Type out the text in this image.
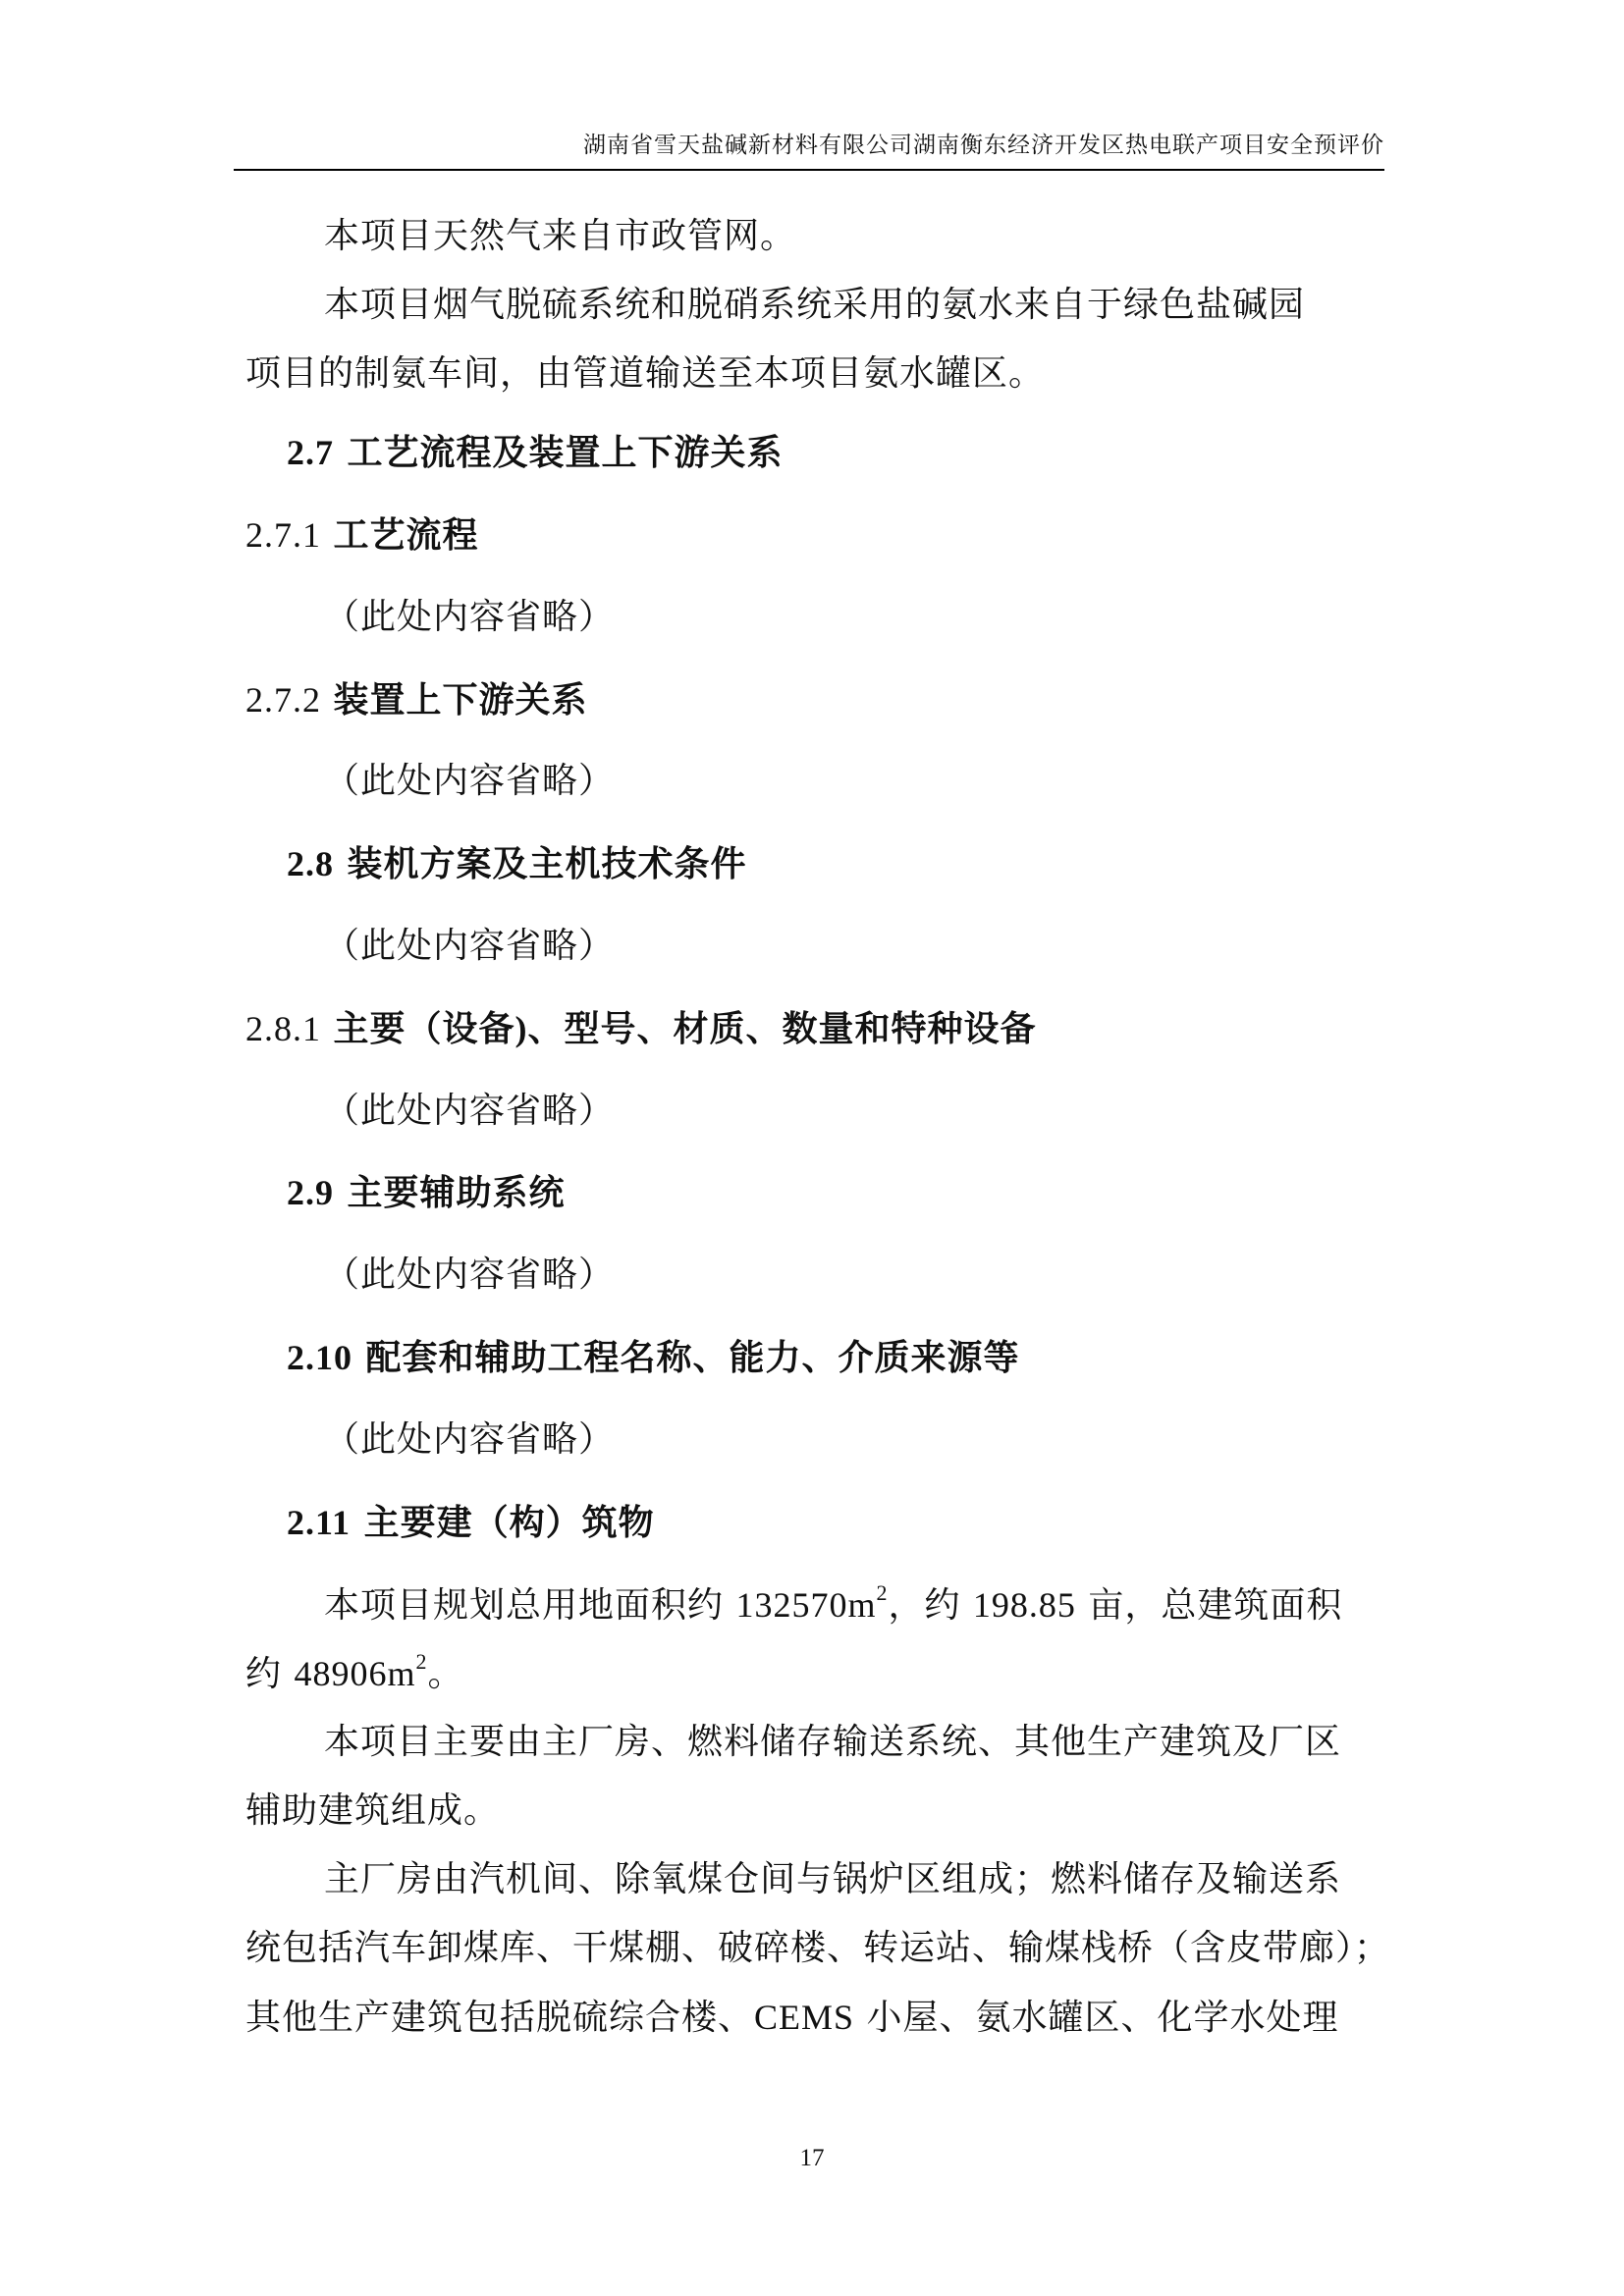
湖南省雪天盐碱新材料有限公司湖南衡东经济开发区热电联产项目安全预评价
本项目天然气来自市政管网。
本项目烟气脱硫系统和脱硝系统采用的氨水来自于绿色盐碱园
项目的制氨车间，由管道输送至本项目氨水罐区。
2.7 工艺流程及装置上下游关系
2.7.1 工艺流程
（此处内容省略）
2.7.2 装置上下游关系
（此处内容省略）
2.8 装机方案及主机技术条件
（此处内容省略）
2.8.1 主要（设备)、型号、材质、数量和特种设备
（此处内容省略）
2.9 主要辅助系统
（此处内容省略）
2.10 配套和辅助工程名称、能力、介质来源等
（此处内容省略）
2.11 主要建（构）筑物
本项目规划总用地面积约 $132570m^2$，约 198.85 亩，总建筑面积
约 $48906m^2$。
本项目主要由主厂房、燃料储存输送系统、其他生产建筑及厂区
辅助建筑组成。
主厂房由汽机间、除氧煤仓间与锅炉区组成；燃料储存及输送系
统包括汽车卸煤库、干煤棚、破碎楼、转运站、输煤栈桥（含皮带廊）；
其他生产建筑包括脱硫综合楼、CEMS 小屋、氨水罐区、化学水处理
17
